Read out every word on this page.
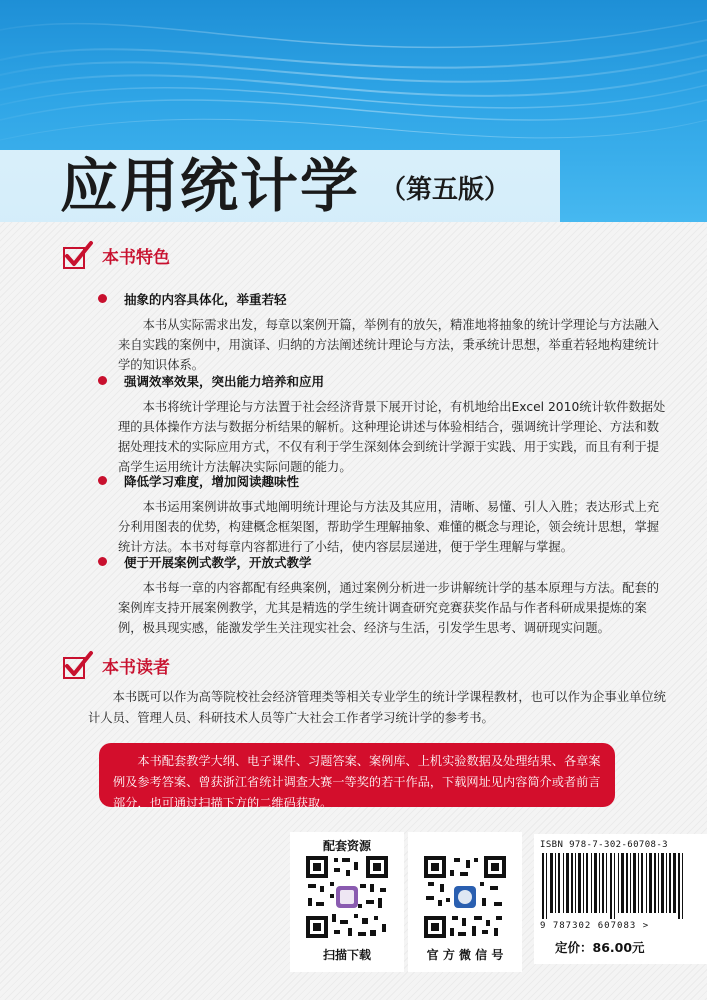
应用统计学 （第五版）
本书特色
抽象的内容具体化，举重若轻
本书从实际需求出发，每章以案例开篇，举例有的放矢，精准地将抽象的统计学理论与方法融入来自实践的案例中，用演译、归纳的方法阐述统计理论与方法，秉承统计思想，举重若轻地构建统计学的知识体系。
强调效率效果，突出能力培养和应用
本书将统计学理论与方法置于社会经济背景下展开讨论，有机地给出Excel 2010统计软件数据处理的具体操作方法与数据分析结果的解析。这种理论讲述与体验相结合，强调统计学理论、方法和数据处理技术的实际应用方式，不仅有利于学生深刻体会到统计学源于实践、用于实践，而且有利于提高学生运用统计方法解决实际问题的能力。
降低学习难度，增加阅读趣味性
本书运用案例讲故事式地阐明统计理论与方法及其应用，清晰、易懂、引人入胜；表达形式上充分利用图表的优势，构建概念框架图，帮助学生理解抽象、难懂的概念与理论，领会统计思想，掌握统计方法。本书对每章内容都进行了小结，使内容层层递进，便于学生理解与掌握。
便于开展案例式教学，开放式教学
本书每一章的内容都配有经典案例，通过案例分析进一步讲解统计学的基本原理与方法。配套的案例库支持开展案例教学，尤其是精选的学生统计调查研究竞赛获奖作品与作者科研成果提炼的案例，极具现实感，能激发学生关注现实社会、经济与生活，引发学生思考、调研现实问题。
本书读者
本书既可以作为高等院校社会经济管理类等相关专业学生的统计学课程教材，也可以作为企事业单位统计人员、管理人员、科研技术人员等广大社会工作者学习统计学的参考书。

本书配套教学大纲、电子课件、习题答案、案例库、上机实验数据及处理结果、各章案例及参考答案、曾获浙江省统计调查大赛一等奖的若干作品，下载网址见内容简介或者前言部分，也可通过扫描下方的二维码获取。

配套资源
扫描下载	官 方 微 信 号
ISBN 978-7-302-60708-3
9 787302 607083 >
定价：86.00元
